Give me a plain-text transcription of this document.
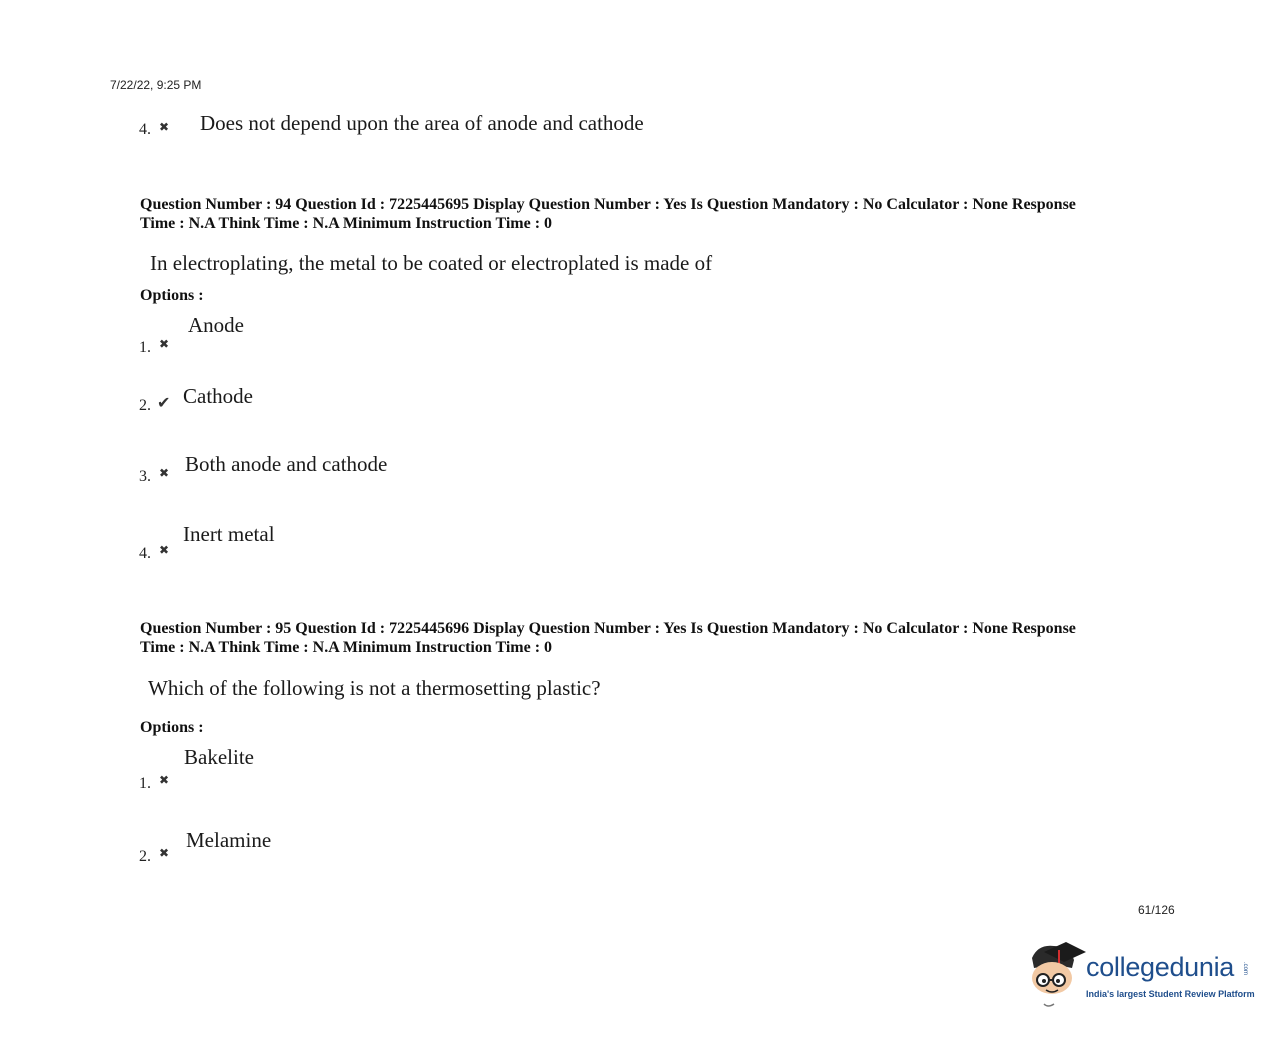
7/22/22, 9:25 PM
4. ✖ Does not depend upon the area of anode and cathode
Question Number : 94 Question Id : 7225445695 Display Question Number : Yes Is Question Mandatory : No Calculator : None Response
Time : N.A Think Time : N.A Minimum Instruction Time : 0
In electroplating, the metal to be coated or electroplated is made of
Options :
1. ✖
Anode
2. ✔ Cathode
3. ✖ Both anode and cathode
4. ✖
Inert metal
Question Number : 95 Question Id : 7225445696 Display Question Number : Yes Is Question Mandatory : No Calculator : None Response
Time : N.A Think Time : N.A Minimum Instruction Time : 0
Which of the following is not a thermosetting plastic?
Options :
1. ✖
Bakelite
2. ✖
Melamine
61/126
collegedunia .com
India's largest Student Review Platform
